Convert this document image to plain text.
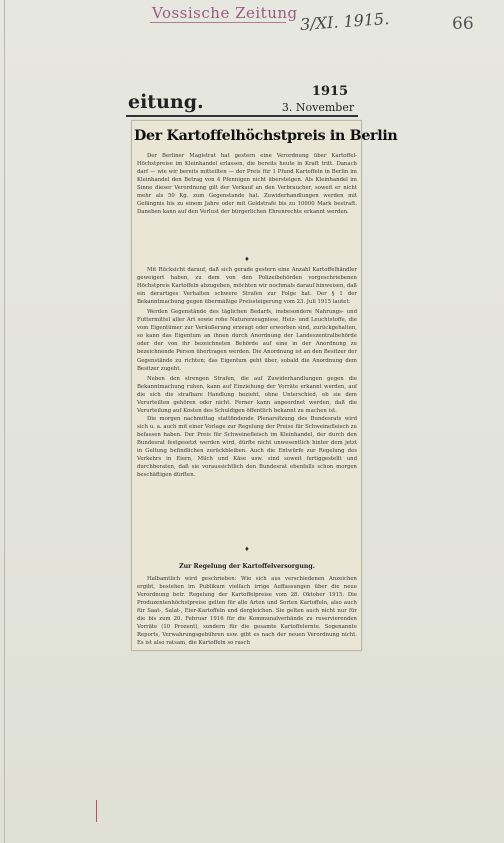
Vossische Zeitung 3/XI. 1915.	66
eitung.	1915
3. November
Der Kartoffelhöchstpreis in Berlin

Der Berliner Magistrat hat gestern eine Verordnung über Kartoffel-Höchstpreise im Kleinhandel erlassen, die bereits heute in Kraft tritt. Danach darf — wie wir bereits mitteilten — der Preis für 1 Pfund Kartoffeln in Berlin im Kleinhandel den Betrag von 4 Pfennigen nicht übersteigen. Als Kleinhandel im Sinne dieser Verordnung gilt der Verkauf an den Verbraucher, soweit er nicht mehr als 50 Kg. zum Gegenstande hat. Zuwiderhandlungen werden mit Gefängnis bis zu einem Jahre oder mit Geldstrafe bis zu 10000 Mark bestraft. Daneben kann auf den Verlust der bürgerlichen Ehrenrechte erkannt werden.

♦

Mit Rücksicht darauf, daß sich gerade gestern eine Anzahl Kartoffelhändler geweigert haben, zu dem von den Polizeibehörden vorgeschriebenen Höchstpreis Kartoffeln abzugeben, möchten wir nochmals darauf hinweisen, daß ein derartiges Verhalten schwere Strafen zur Folge hat. Der § 1 der Bekanntmachung gegen übermäßige Preissteigerung vom 23. Juli 1915 lautet:

Werden Gegenstände des täglichen Bedarfs, insbesondere Nahrungs- und Futtermittel aller Art sowie rohe Naturerzeugnisse, Heiz- und Leuchtstoffe, die vom Eigentümer zur Veräußerung erzeugt oder erworben sind, zurückgehalten, so kann das Eigentum an ihnen durch Anordnung der Landeszentralbehörde oder der von ihr bezeichneten Behörde auf eine in der Anordnung zu bezeichnende Person übertragen werden. Die Anordnung ist an den Besitzer der Gegenstände zu richten; das Eigentum geht über, sobald die Anordnung dem Besitzer zugeht.

Neben den strengen Strafen, die auf Zuwiderhandlungen gegen die Bekanntmachung ruhen, kann auf Einziehung der Vorräte erkannt werden, auf die sich die strafbare Handlung bezieht, ohne Unterschied, ob sie dem Verurteilten gehören oder nicht. Ferner kann angeordnet werden, daß die Verurteilung auf Kosten des Schuldigen öffentlich bekannt zu machen ist.

Die morgen nachmittag stattfindende Plenarsitzung des Bundesrats wird sich u. a. auch mit einer Vorlage zur Regelung der Preise für Schweinefleisch zu befassen haben. Der Preis für Schweinefleisch im Kleinhandel, der durch den Bundesrat festgesetzt werden wird, dürfte nicht unwesentlich hinter dem jetzt in Geltung befindlichen zurückbleiben. Auch die Entwürfe zur Regelung des Verkehrs in Eiern, Milch und Käse usw. sind soweit fertiggestellt und durchberaten, daß sie voraussichtlich den Bundesrat ebenfalls schon morgen beschäftigen dürften.

♦
Zur Regelung der Kartoffelversorgung.

Halbamtlich wird geschrieben: Wie sich aus verschiedenen Anzeichen ergibt, bestehen im Publikum vielfach irrige Auffassungen über die neue Verordnung betr. Regelung der Kartoffelpreise vom 28. Oktober 1915. Die Produzentenhöchstpreise gelten für alle Arten und Sorten Kartoffeln, also auch für Saat-, Salat-, Eier-Kartoffeln und dergleichen. Sie gelten auch nicht nur für die bis zum 20. Februar 1916 für die Kommunalverbände zu reservierenden Vorräte (10 Prozent), sondern für die gesamte Kartoffelernte. Sogenannte Reports, Verwahrungsgebühren usw. gibt es nach der neuen Verordnung nicht. Es ist also ratsam, die Kartoffeln so rasch
